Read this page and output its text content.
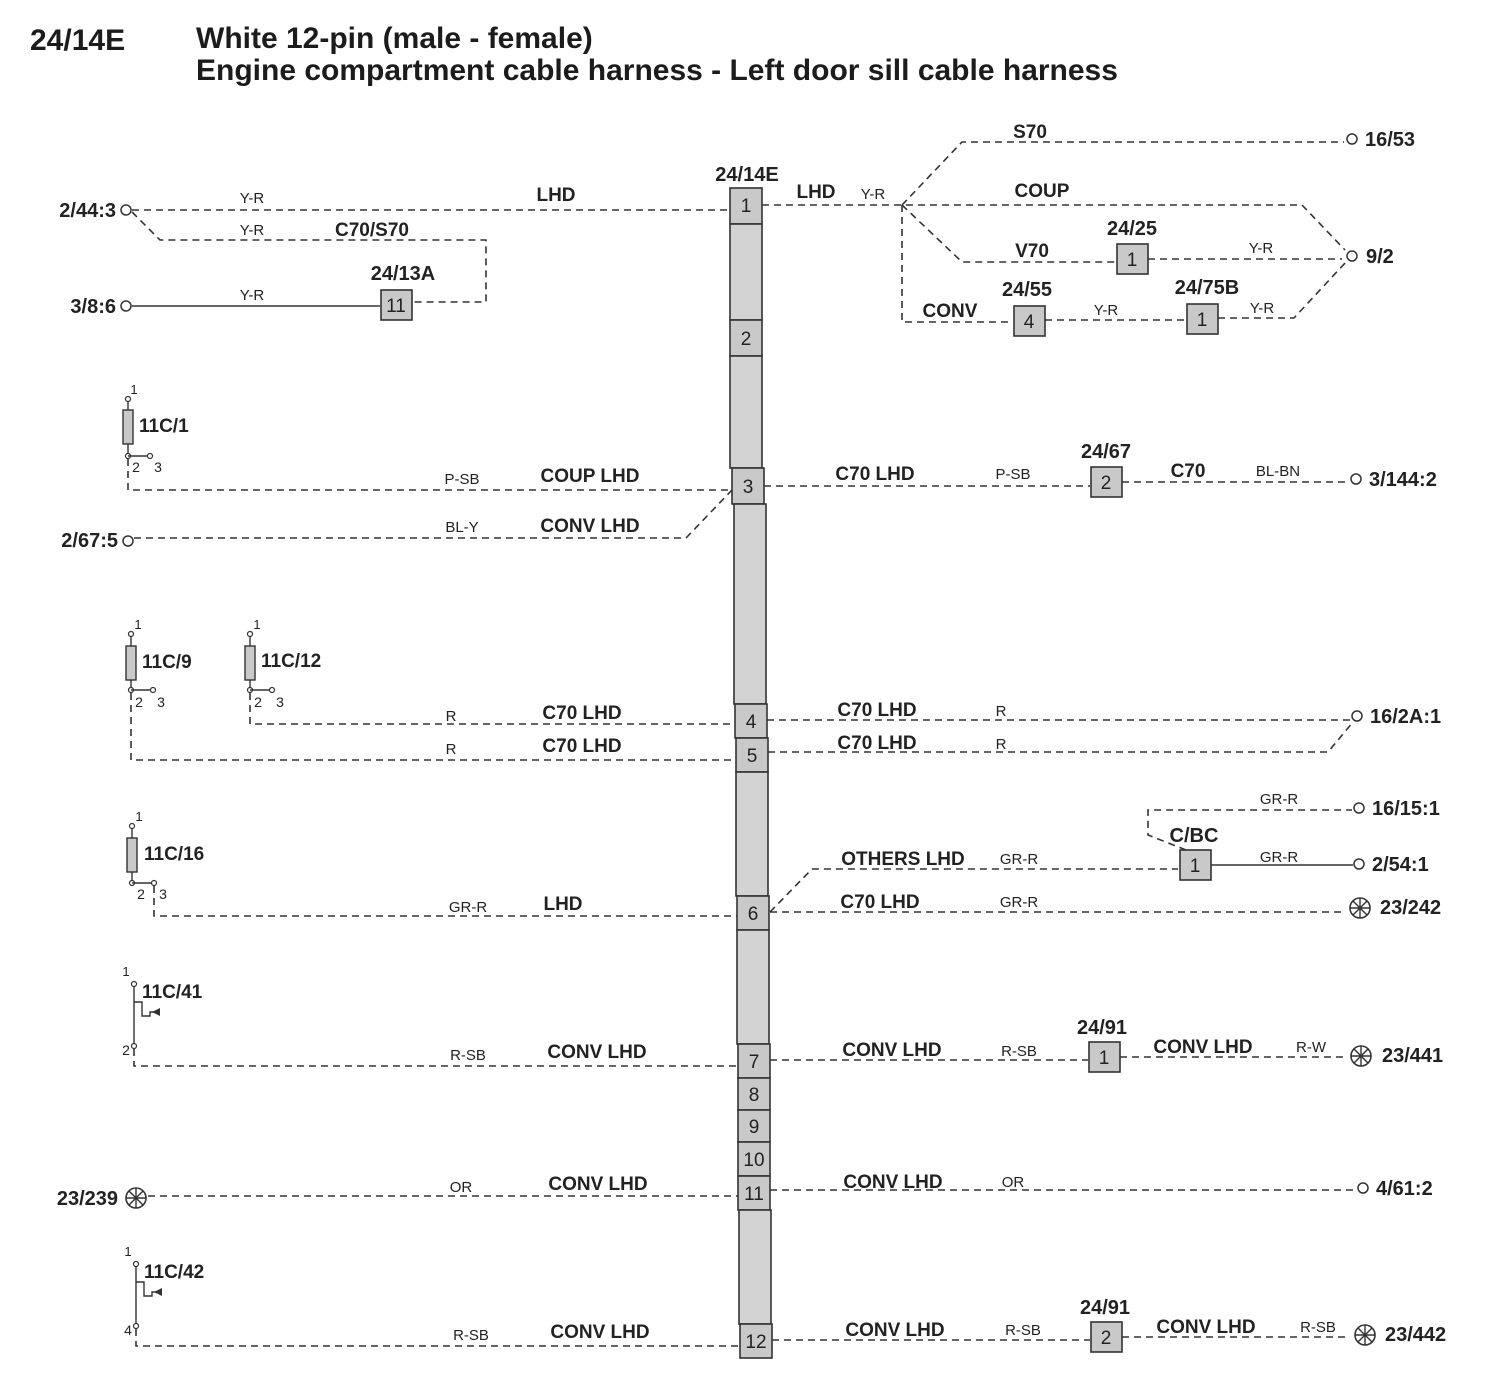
24/14E White 12-pin (male - female)
Engine compartment cable harness - Left door sill cable harness
24/14E
1
2
3
4
5
6
7
8
9
10
11
12
2/44:3
Y-R	LHD
Y-R	C70/S70
3/8:6
Y-R
11
24/13A
LHD Y-R	COUP
S70	16/53
V70	1
24/25
Y-R	9/2
CONV
4
24/55
Y-R	1
24/75B
Y-R
1
2 3
11C/1
P-SB	COUP LHD
2/67:5
BL-Y	CONV LHD
C70 LHD	P-SB	2
24/67
C70	BL-BN	3/144:2
1
2 3
11C/9
1
2 3
11C/12
R	C70 LHD
R	C70 LHD
C70 LHD	R
C70 LHD	R
16/2A:1
1
2 3
11C/16
GR-R	LHD
OTHERS LHD GR-R
C70 LHD	GR-R	23/242
1
C/BC
GR-R	16/15:1
GR-R	2/54:1
1
2
11C/41
R-SB	CONV LHD	CONV LHD	R-SB	1
24/91
CONV LHD	R-W	23/441
23/239
OR	CONV LHD	CONV LHD	OR	4/61:2
1
4
11C/42
R-SB	CONV LHD	CONV LHD	R-SB	2
24/91
CONV LHD	R-SB 23/442
